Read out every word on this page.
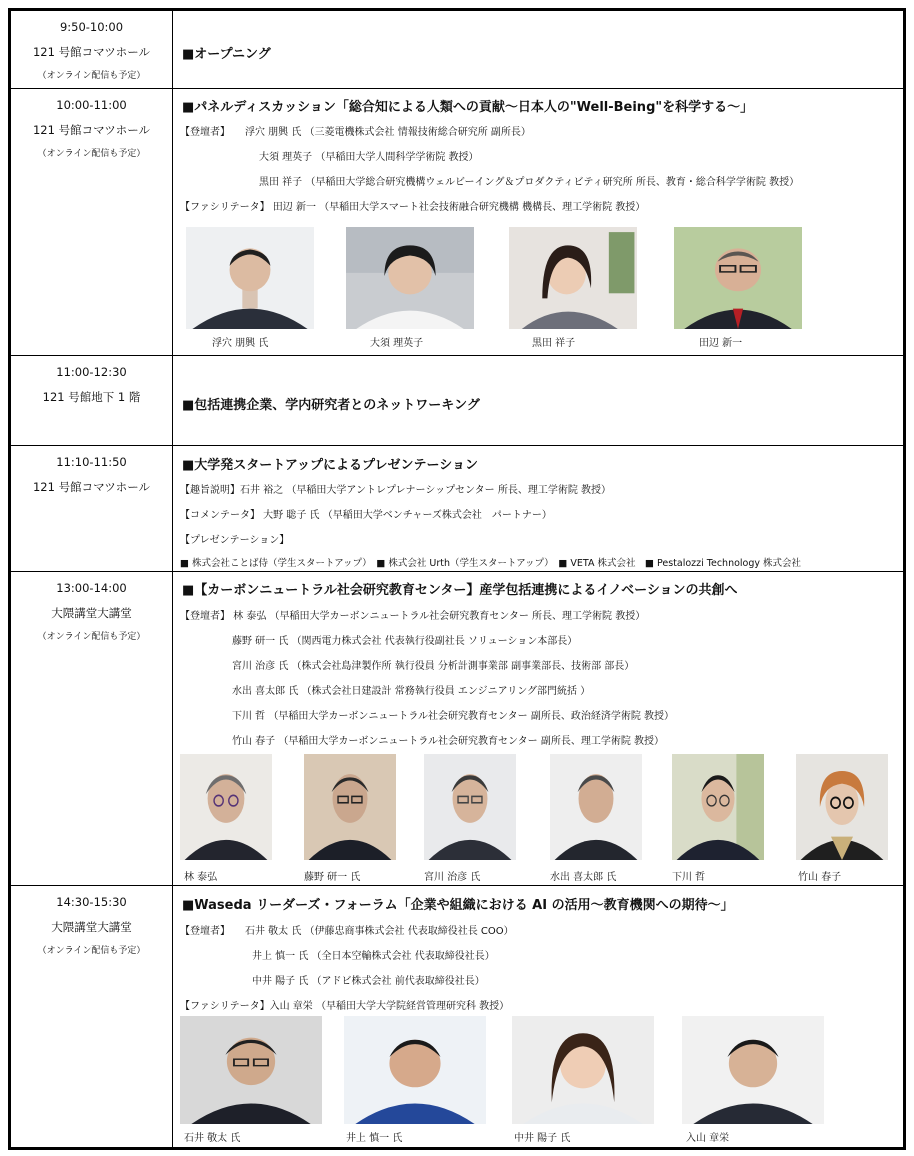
9:50-10:00
121 号館コマツホール
（オンライン配信も予定）
■オープニング
10:00-11:00
121 号館コマツホール
（オンライン配信も予定）
■パネルディスカッション「総合知による人類への貢献～日本人の"Well-Being"を科学する～」
【登壇者】　　浮穴 朋興 氏 （三菱電機株式会社 情報技術総合研究所 副所長）
大須 理英子 （早稲田大学人間科学学術院 教授）
黒田 祥子 （早稲田大学総合研究機構ウェルビーイング＆プロダクティビティ研究所 所長、教育・総合科学学術院 教授）
【ファシリテータ】 田辺 新一 （早稲田大学スマート社会技術融合研究機構 機構長、理工学術院 教授）
浮穴 朋興 氏	大須 理英子	黒田 祥子	田辺 新一
11:00-12:30
121 号館地下 1 階
■包括連携企業、学内研究者とのネットワーキング
11:10-11:50
121 号館コマツホール
■大学発スタートアップによるプレゼンテーション
【趣旨説明】石井 裕之 （早稲田大学アントレプレナーシップセンター 所長、理工学術院 教授）
【コメンテータ】 大野 聡子 氏 （早稲田大学ベンチャーズ株式会社　パートナー）
【プレゼンテーション】
■ 株式会社ことば侍（学生スタートアップ）　■ 株式会社 Urth（学生スタートアップ）　■ VETA 株式会社　■ Pestalozzi Technology 株式会社
13:00-14:00
大隈講堂大講堂
（オンライン配信も予定）
■【カーボンニュートラル社会研究教育センター】産学包括連携によるイノベーションの共創へ
【登壇者】 林 泰弘 （早稲田大学カーボンニュートラル社会研究教育センター 所長、理工学術院 教授）
藤野 研一 氏 （関西電力株式会社 代表執行役副社長 ソリューション本部長）
宮川 治彦 氏 （株式会社島津製作所 執行役員 分析計測事業部 副事業部長、技術部 部長）
水出 喜太郎 氏 （株式会社日建設計 常務執行役員 エンジニアリング部門統括 ）
下川 哲 （早稲田大学カーボンニュートラル社会研究教育センター 副所長、政治経済学術院 教授）
竹山 春子 （早稲田大学カーボンニュートラル社会研究教育センター 副所長、理工学術院 教授）
林 泰弘	藤野 研一 氏	宮川 治彦 氏	水出 喜太郎 氏	下川 哲	竹山 春子
14:30-15:30
大隈講堂大講堂
（オンライン配信も予定）
■Waseda リーダーズ・フォーラム「企業や組織における AI の活用～教育機関への期待～」
【登壇者】　　石井 敬太 氏 （伊藤忠商事株式会社 代表取締役社長 COO）
井上 慎一 氏 （全日本空輸株式会社 代表取締役社長）
中井 陽子 氏 （アドビ株式会社 前代表取締役社長）
【ファシリテータ】入山 章栄 （早稲田大学大学院経営管理研究科 教授）
石井 敬太 氏	井上 慎一 氏	中井 陽子 氏	入山 章栄
